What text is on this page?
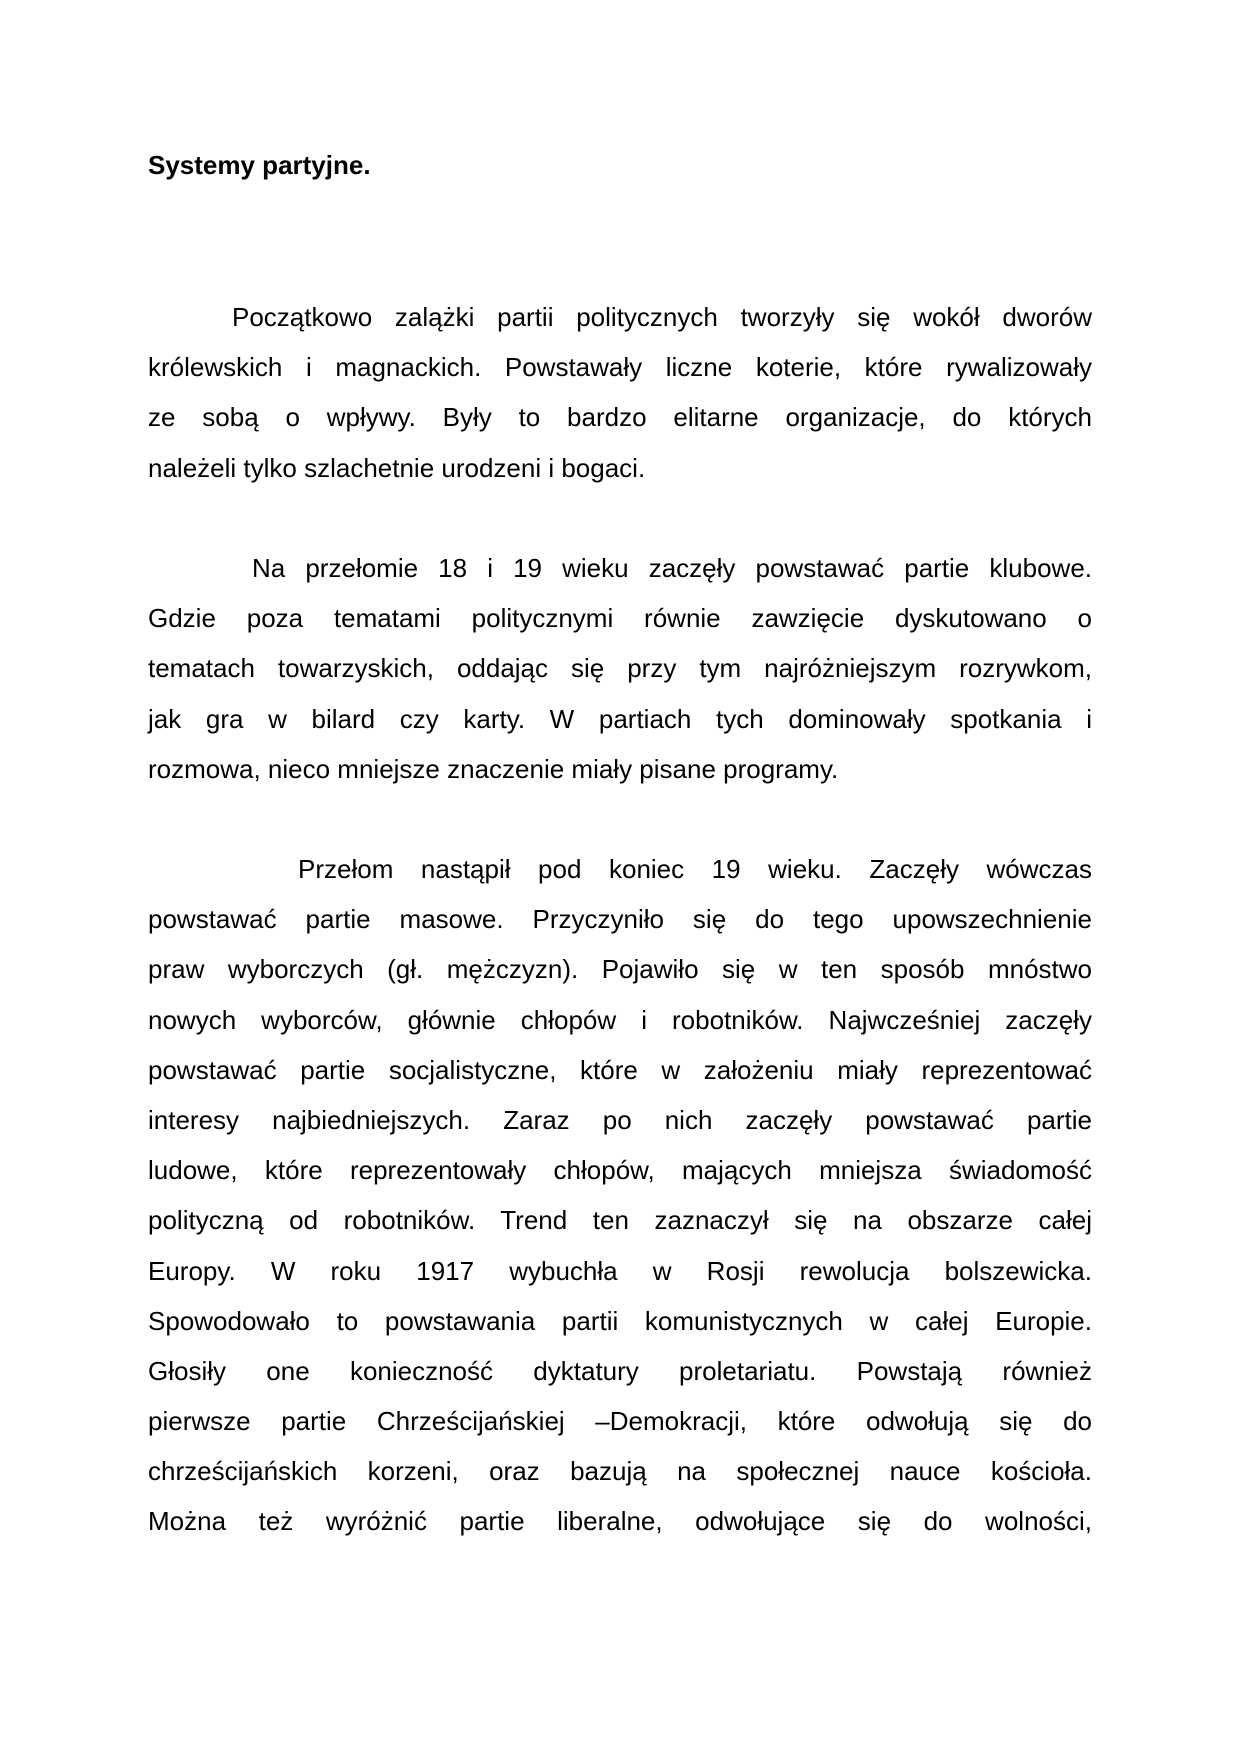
Systemy partyjne.
Początkowo zalążki partii politycznych tworzyły się wokół dworów
królewskich i magnackich. Powstawały liczne koterie, które rywalizowały
ze sobą o wpływy. Były to bardzo elitarne organizacje, do których
należeli tylko szlachetnie urodzeni i bogaci.
Na przełomie 18 i 19 wieku zaczęły powstawać partie klubowe.
Gdzie poza tematami politycznymi równie zawzięcie dyskutowano o
tematach towarzyskich, oddając się przy tym najróżniejszym rozrywkom,
jak gra w bilard czy karty. W partiach tych dominowały spotkania i
rozmowa, nieco mniejsze znaczenie miały pisane programy.
Przełom nastąpił pod koniec 19 wieku. Zaczęły wówczas
powstawać partie masowe. Przyczyniło się do tego upowszechnienie
praw wyborczych (gł. mężczyzn). Pojawiło się w ten sposób mnóstwo
nowych wyborców, głównie chłopów i robotników. Najwcześniej zaczęły
powstawać partie socjalistyczne, które w założeniu miały reprezentować
interesy najbiedniejszych. Zaraz po nich zaczęły powstawać partie
ludowe, które reprezentowały chłopów, mających mniejsza świadomość
polityczną od robotników. Trend ten zaznaczył się na obszarze całej
Europy. W roku 1917 wybuchła w Rosji rewolucja bolszewicka.
Spowodowało to powstawania partii komunistycznych w całej Europie.
Głosiły one konieczność dyktatury proletariatu. Powstają również
pierwsze partie Chrześcijańskiej –Demokracji, które odwołują się do
chrześcijańskich korzeni, oraz bazują na społecznej nauce kościoła.
Można też wyróżnić partie liberalne, odwołujące się do wolności,
